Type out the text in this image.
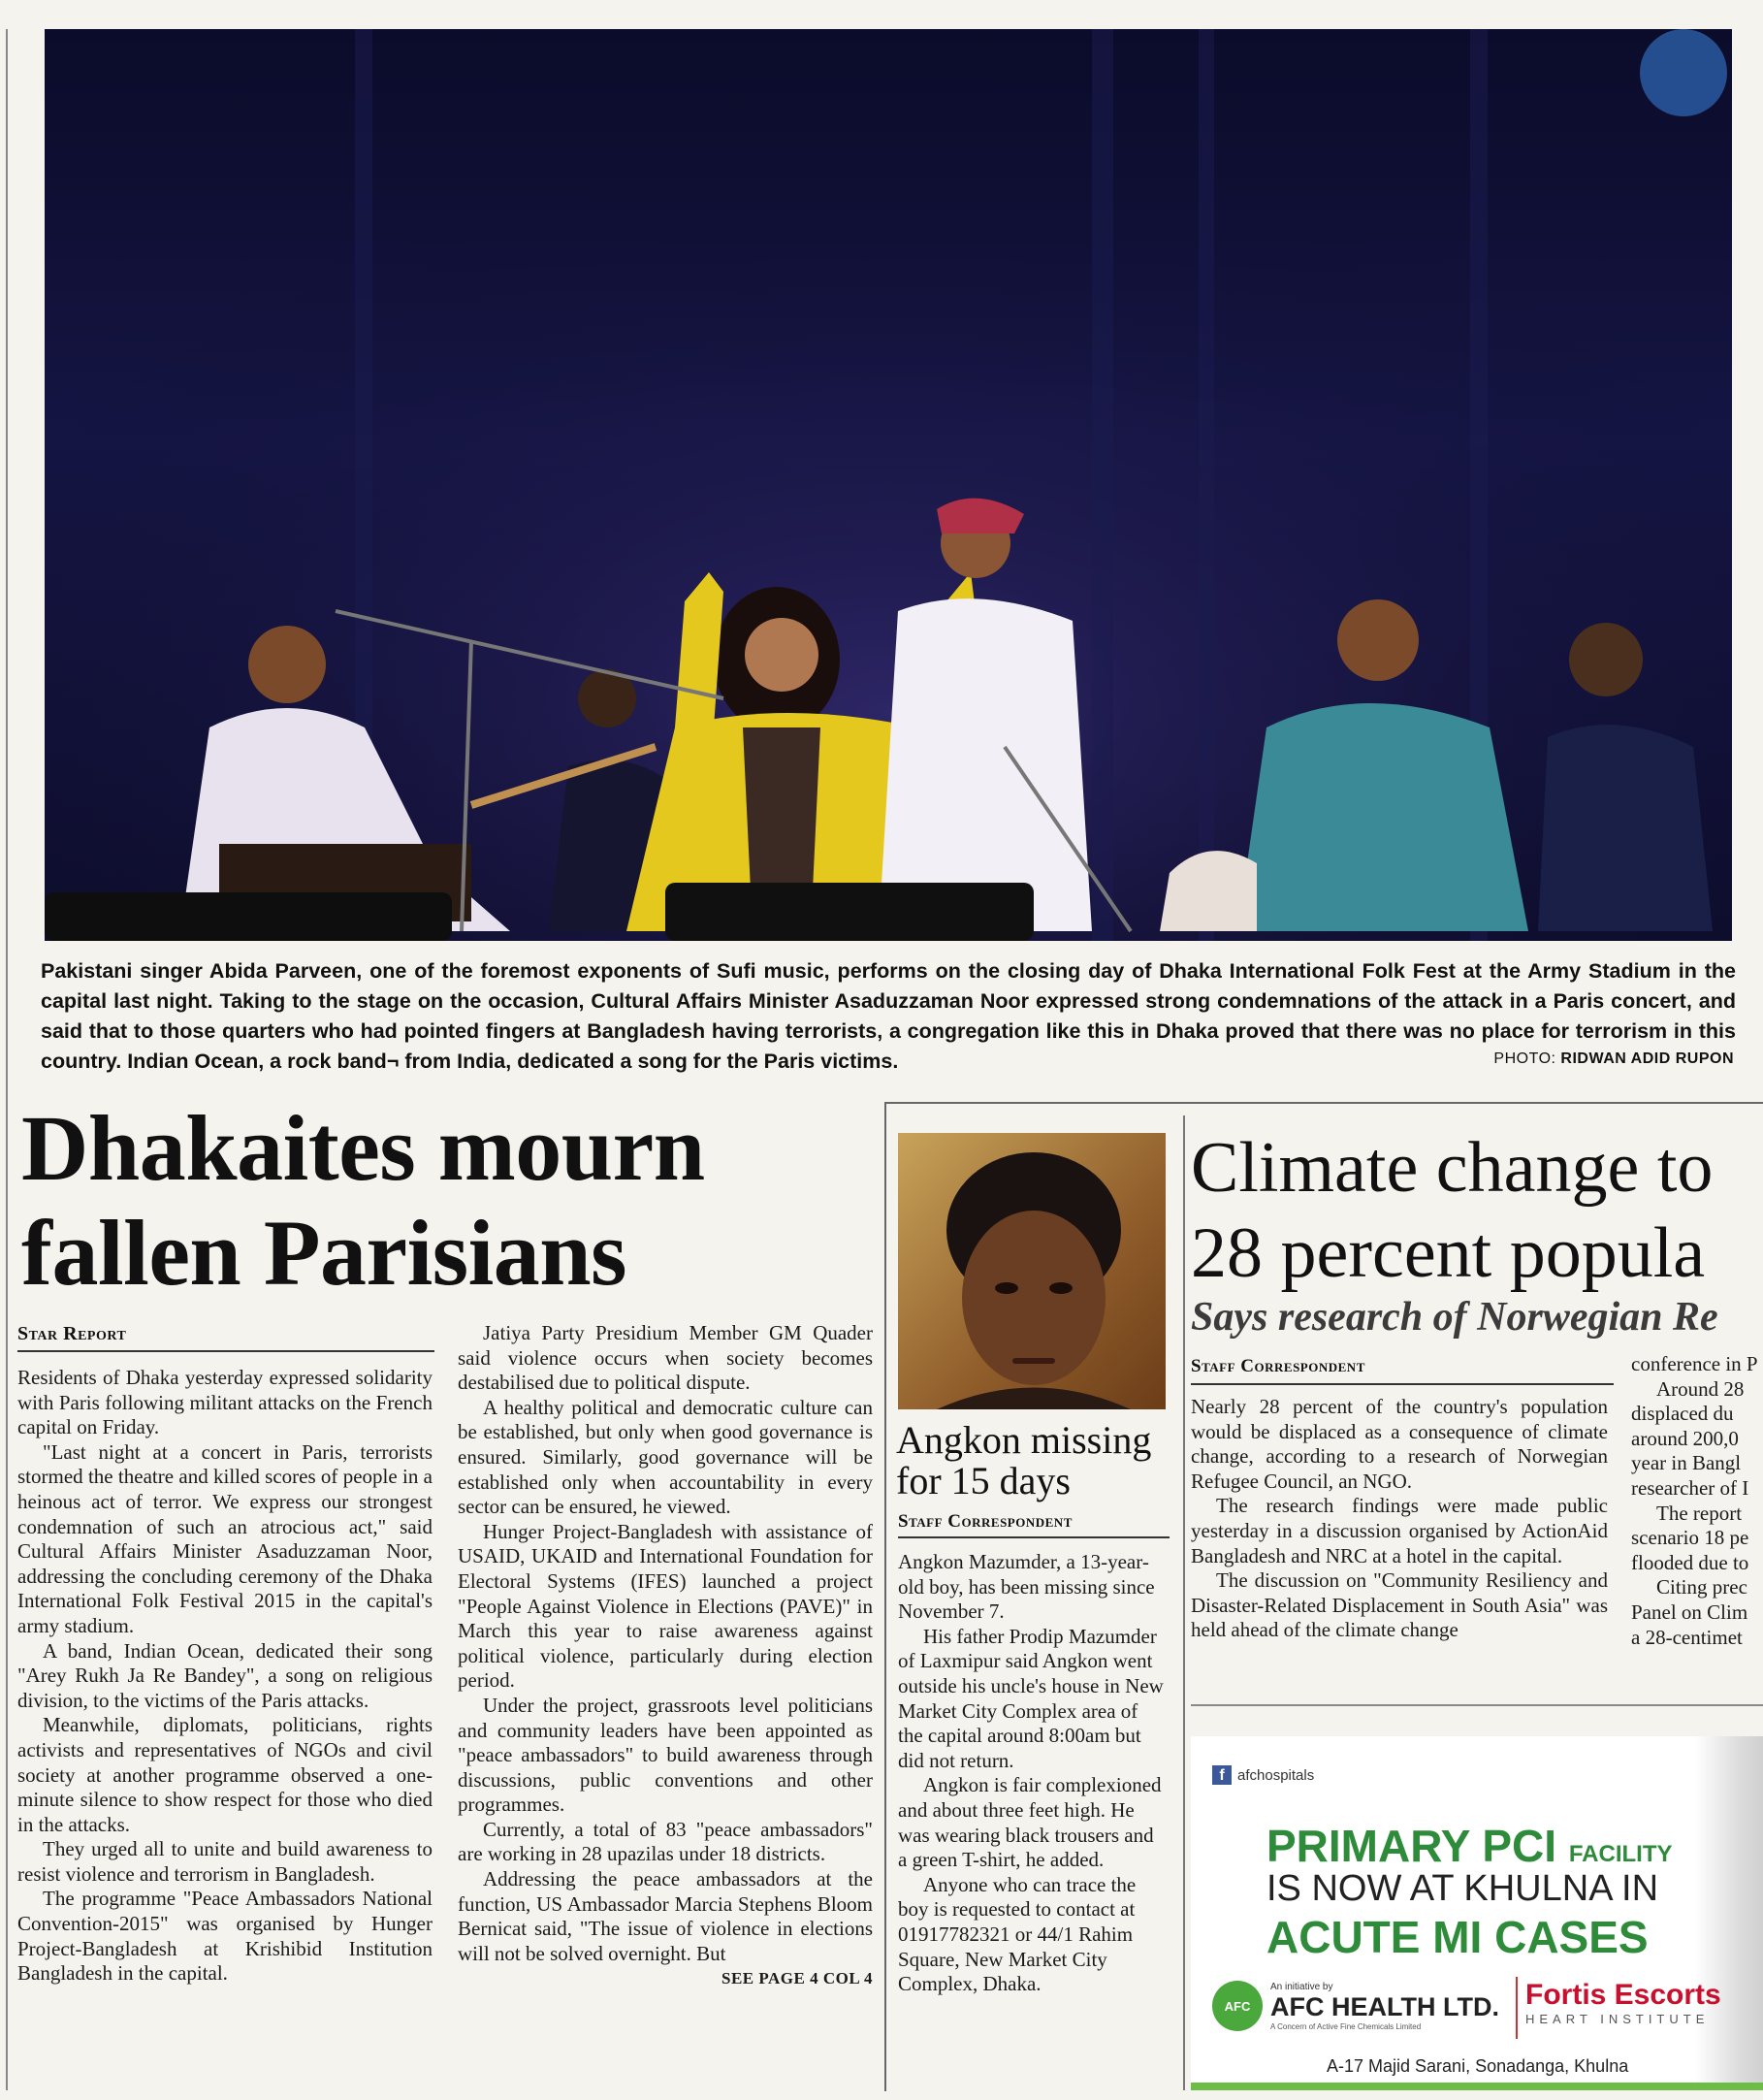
Pakistani singer Abida Parveen, one of the foremost exponents of Sufi music, performs on the closing day of Dhaka International Folk Fest at the Army Stadium in the capital last night. Taking to the stage on the occasion, Cultural Affairs Minister Asaduzzaman Noor expressed strong condemnations of the attack in a Paris concert, and said that to those quarters who had pointed fingers at Bangladesh having terrorists, a congregation like this in Dhaka proved that there was no place for terrorism in this country. Indian Ocean, a rock band¬ from India, dedicated a song for the Paris victims.	PHOTO: RIDWAN ADID RUPON
Dhakaites mourn
fallen Parisians
Star Report

Residents of Dhaka yesterday expressed solidarity with Paris following militant attacks on the French capital on Friday.

"Last night at a concert in Paris, terrorists stormed the theatre and killed scores of people in a heinous act of terror. We express our strongest condemnation of such an atrocious act," said Cultural Affairs Minister Asaduzzaman Noor, addressing the concluding ceremony of the Dhaka International Folk Festival 2015 in the capital's army stadium.

A band, Indian Ocean, dedicated their song "Arey Rukh Ja Re Bandey", a song on religious division, to the victims of the Paris attacks.

Meanwhile, diplomats, politicians, rights activists and representatives of NGOs and civil society at another programme observed a one-minute silence to show respect for those who died in the attacks.

They urged all to unite and build awareness to resist violence and terrorism in Bangladesh.

The programme "Peace Ambassadors National Convention-2015" was organised by Hunger Project-Bangladesh at Krishibid Institution Bangladesh in the capital.

Jatiya Party Presidium Member GM Quader said violence occurs when society becomes destabilised due to political dispute.

A healthy political and democratic culture can be established, but only when good governance is ensured. Similarly, good governance will be established only when accountability in every sector can be ensured, he viewed.

Hunger Project-Bangladesh with assistance of USAID, UKAID and International Foundation for Electoral Systems (IFES) launched a project "People Against Violence in Elections (PAVE)" in March this year to raise awareness against political violence, particularly during election period.

Under the project, grassroots level politicians and community leaders have been appointed as "peace ambassadors" to build awareness through discussions, public conventions and other programmes.

Currently, a total of 83 "peace ambassadors" are working in 28 upazilas under 18 districts.

Addressing the peace ambassadors at the function, US Ambassador Marcia Stephens Bloom Bernicat said, "The issue of violence in elections will not be solved overnight. But

SEE PAGE 4 COL 4
Angkon missing for 15 days
Staff Correspondent

Angkon Mazumder, a 13-year-old boy, has been missing since November 7.

His father Prodip Mazumder of Laxmipur said Angkon went outside his uncle's house in New Market City Complex area of the capital around 8:00am but did not return.

Angkon is fair complexioned and about three feet high. He was wearing black trousers and a green T-shirt, he added.

Anyone who can trace the boy is requested to contact at 01917782321 or 44/1 Rahim Square, New Market City Complex, Dhaka.

Climate change to
28 percent popula
Says research of Norwegian Re
Staff Correspondent

Nearly 28 percent of the country's population would be displaced as a consequence of climate change, according to a research of Norwegian Refugee Council, an NGO.

The research findings were made public yesterday in a discussion organised by ActionAid Bangladesh and NRC at a hotel in the capital.

The discussion on "Community Resiliency and Disaster-Related Displacement in South Asia" was held ahead of the climate change

conference in P
Around 28
displaced du
around 200,0
year in Bangl
researcher of I
The report
scenario 18 pe
flooded due to
Citing prec
Panel on Clim
a 28-centimet
f afchospitals
PRIMARY PCI FACILITY
IS NOW AT KHULNA IN
ACUTE MI CASES
AFC
An initiative by
AFC HEALTH LTD.
A Concern of Active Fine Chemicals Limited
Fortis Escorts
HEART INSTITUTE
A-17 Majid Sarani, Sonadanga, Khulna
